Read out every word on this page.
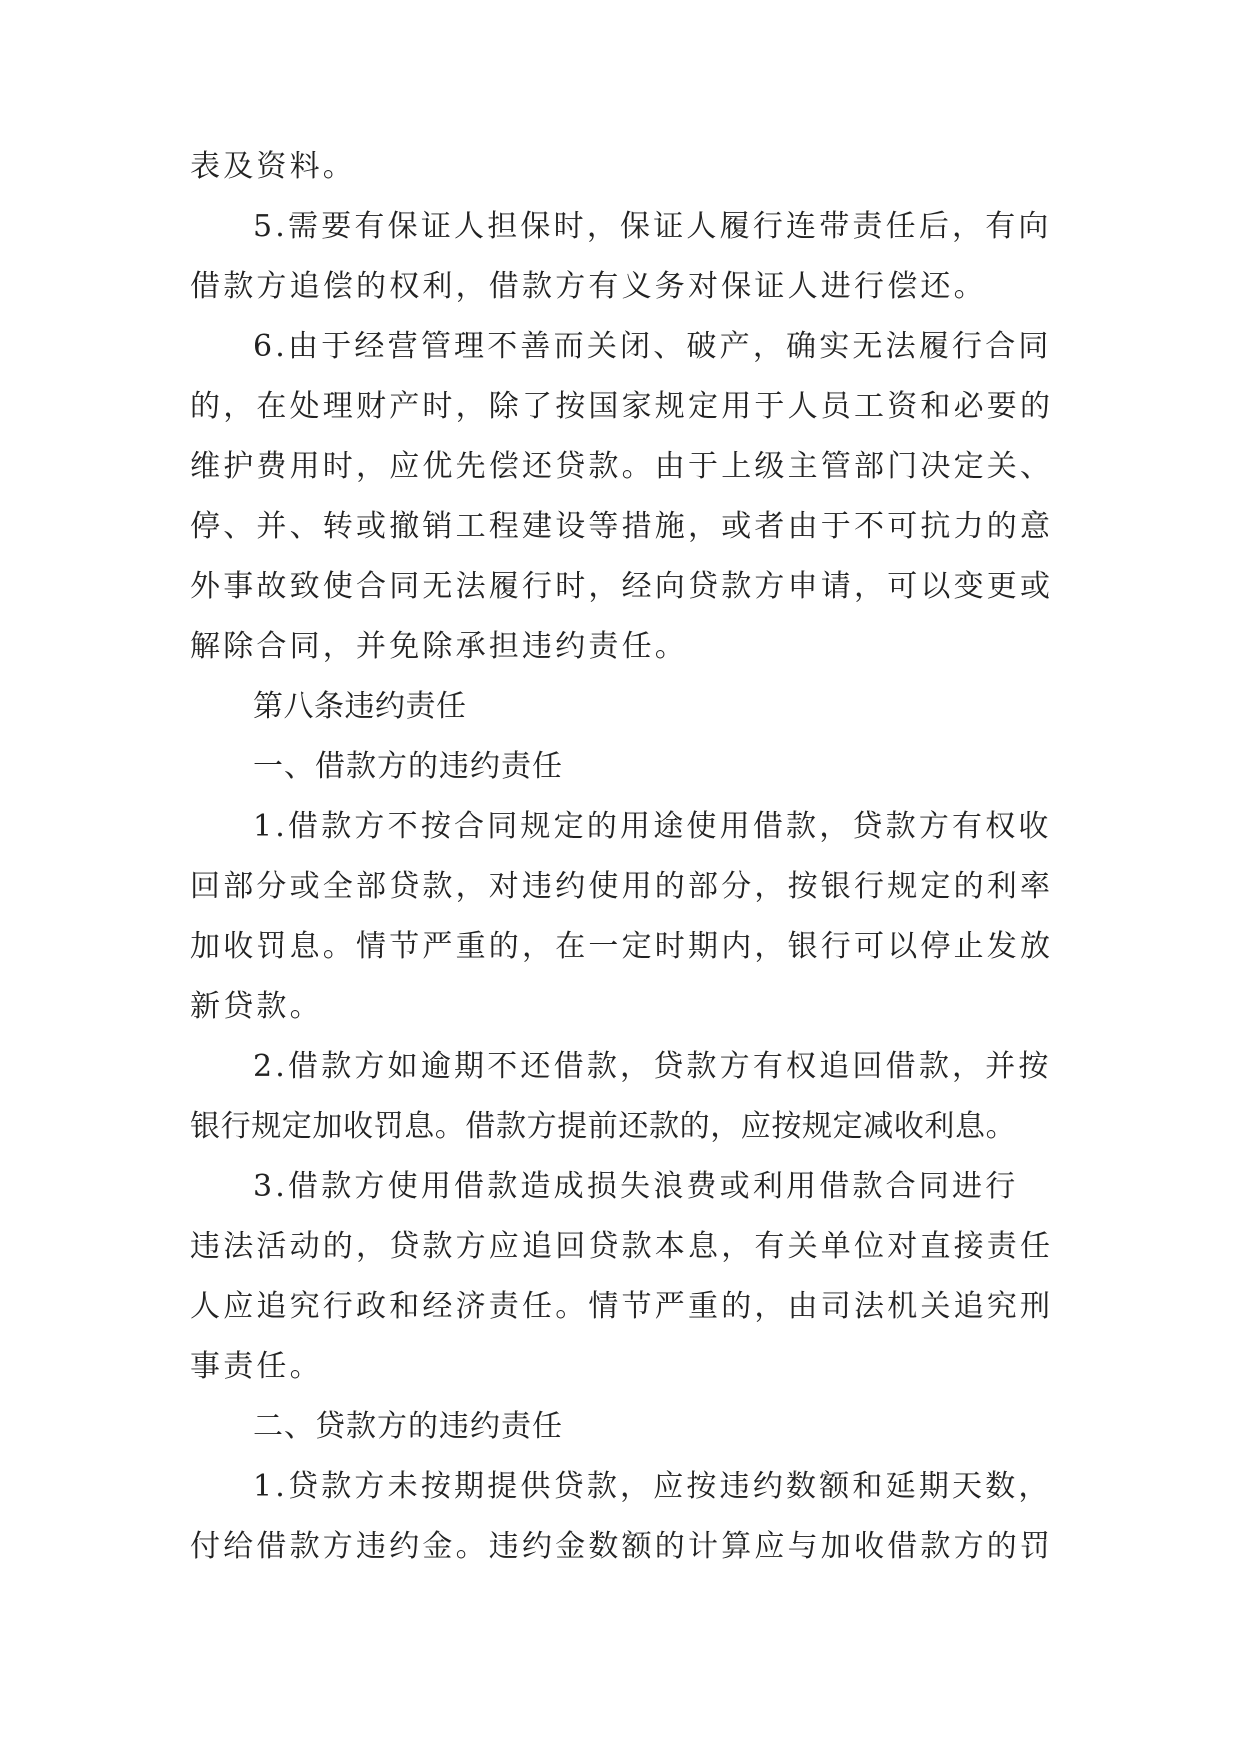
表及资料。
5.需要有保证人担保时，保证人履行连带责任后，有向
借款方追偿的权利，借款方有义务对保证人进行偿还。
6.由于经营管理不善而关闭、破产，确实无法履行合同
的，在处理财产时，除了按国家规定用于人员工资和必要的
维护费用时，应优先偿还贷款。由于上级主管部门决定关、
停、并、转或撤销工程建设等措施，或者由于不可抗力的意
外事故致使合同无法履行时，经向贷款方申请，可以变更或
解除合同，并免除承担违约责任。
第八条违约责任
一、借款方的违约责任
1.借款方不按合同规定的用途使用借款，贷款方有权收
回部分或全部贷款，对违约使用的部分，按银行规定的利率
加收罚息。情节严重的，在一定时期内，银行可以停止发放
新贷款。
2.借款方如逾期不还借款，贷款方有权追回借款，并按
银行规定加收罚息。借款方提前还款的，应按规定减收利息。
3.借款方使用借款造成损失浪费或利用借款合同进行
违法活动的，贷款方应追回贷款本息，有关单位对直接责任
人应追究行政和经济责任。情节严重的，由司法机关追究刑
事责任。
二、贷款方的违约责任
1.贷款方未按期提供贷款，应按违约数额和延期天数，
付给借款方违约金。违约金数额的计算应与加收借款方的罚
